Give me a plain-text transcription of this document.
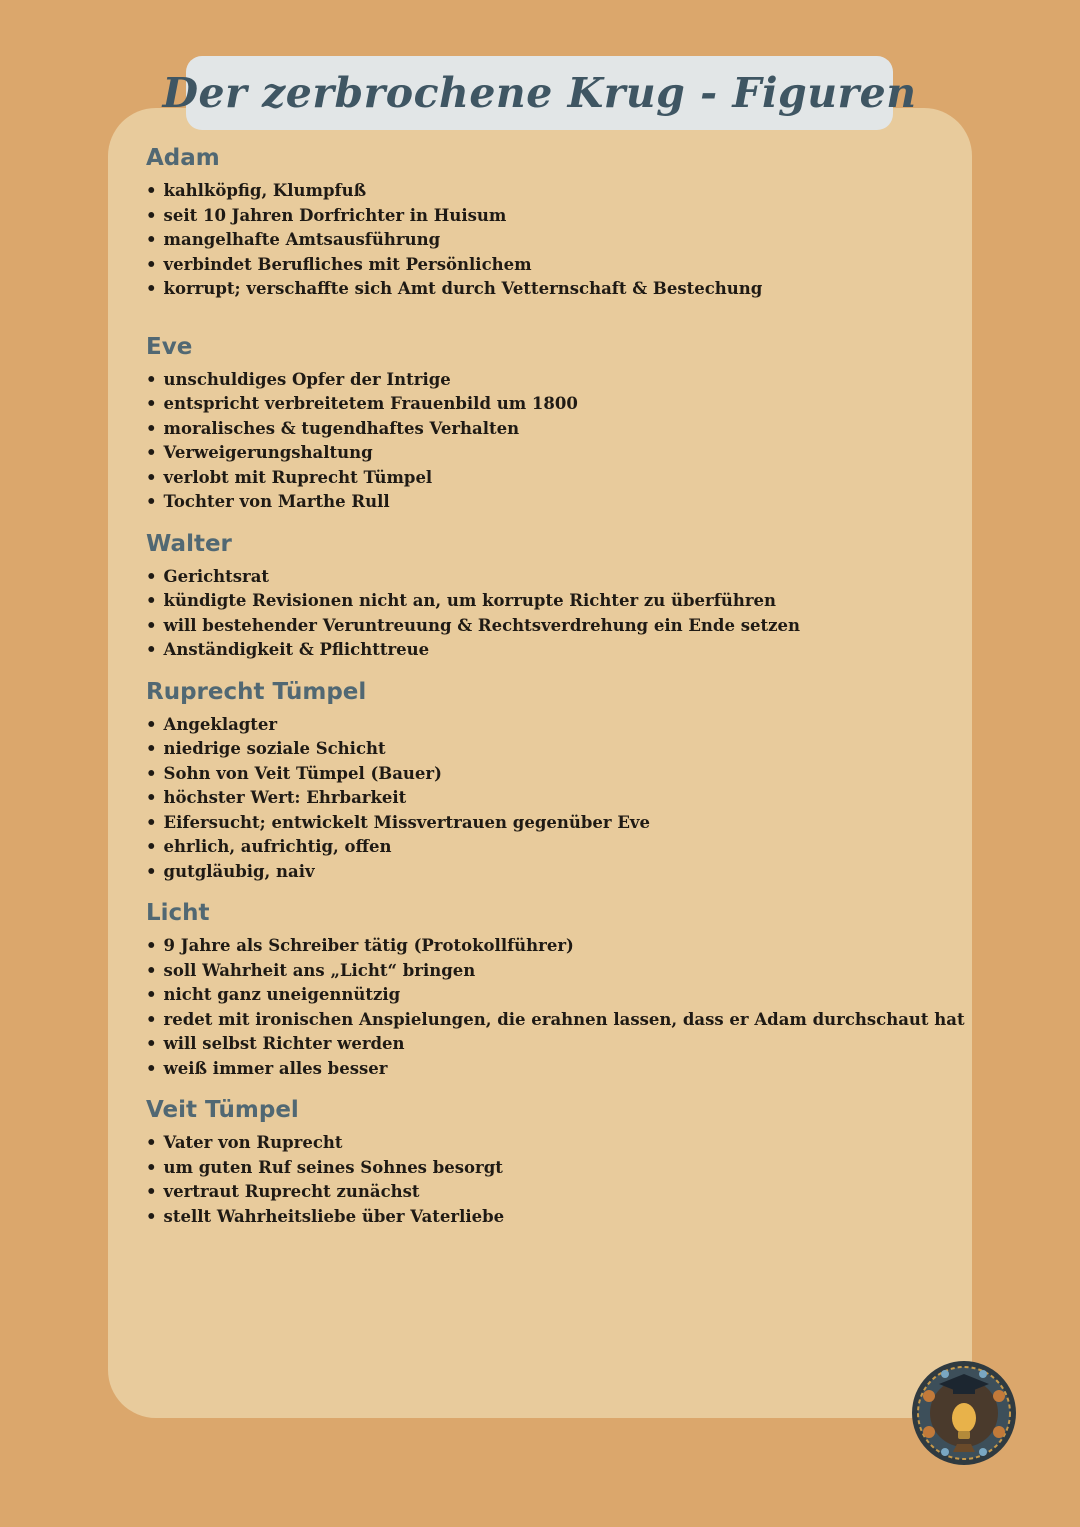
Der zerbrochene Krug - Figuren
Adam
• kahlköpfig, Klumpfuß
• seit 10 Jahren Dorfrichter in Huisum
• mangelhafte Amtsausführung
• verbindet Berufliches mit Persönlichem
• korrupt; verschaffte sich Amt durch Vetternschaft & Bestechung
Eve
• unschuldiges Opfer der Intrige
• entspricht verbreitetem Frauenbild um 1800
• moralisches & tugendhaftes Verhalten
• Verweigerungshaltung
• verlobt mit Ruprecht Tümpel
• Tochter von Marthe Rull
Walter
• Gerichtsrat
• kündigte Revisionen nicht an, um korrupte Richter zu überführen
• will bestehender Veruntreuung & Rechtsverdrehung ein Ende setzen
• Anständigkeit & Pflichttreue
Ruprecht Tümpel
• Angeklagter
• niedrige soziale Schicht
• Sohn von Veit Tümpel (Bauer)
• höchster Wert: Ehrbarkeit
• Eifersucht; entwickelt Missvertrauen gegenüber Eve
• ehrlich, aufrichtig, offen
• gutgläubig, naiv
Licht
• 9 Jahre als Schreiber tätig (Protokollführer)
• soll Wahrheit ans „Licht“ bringen
• nicht ganz uneigennützig
• redet mit ironischen Anspielungen, die erahnen lassen, dass er Adam durchschaut hat
• will selbst Richter werden
• weiß immer alles besser
Veit Tümpel
• Vater von Ruprecht
• um guten Ruf seines Sohnes besorgt
• vertraut Ruprecht zunächst
• stellt Wahrheitsliebe über Vaterliebe
